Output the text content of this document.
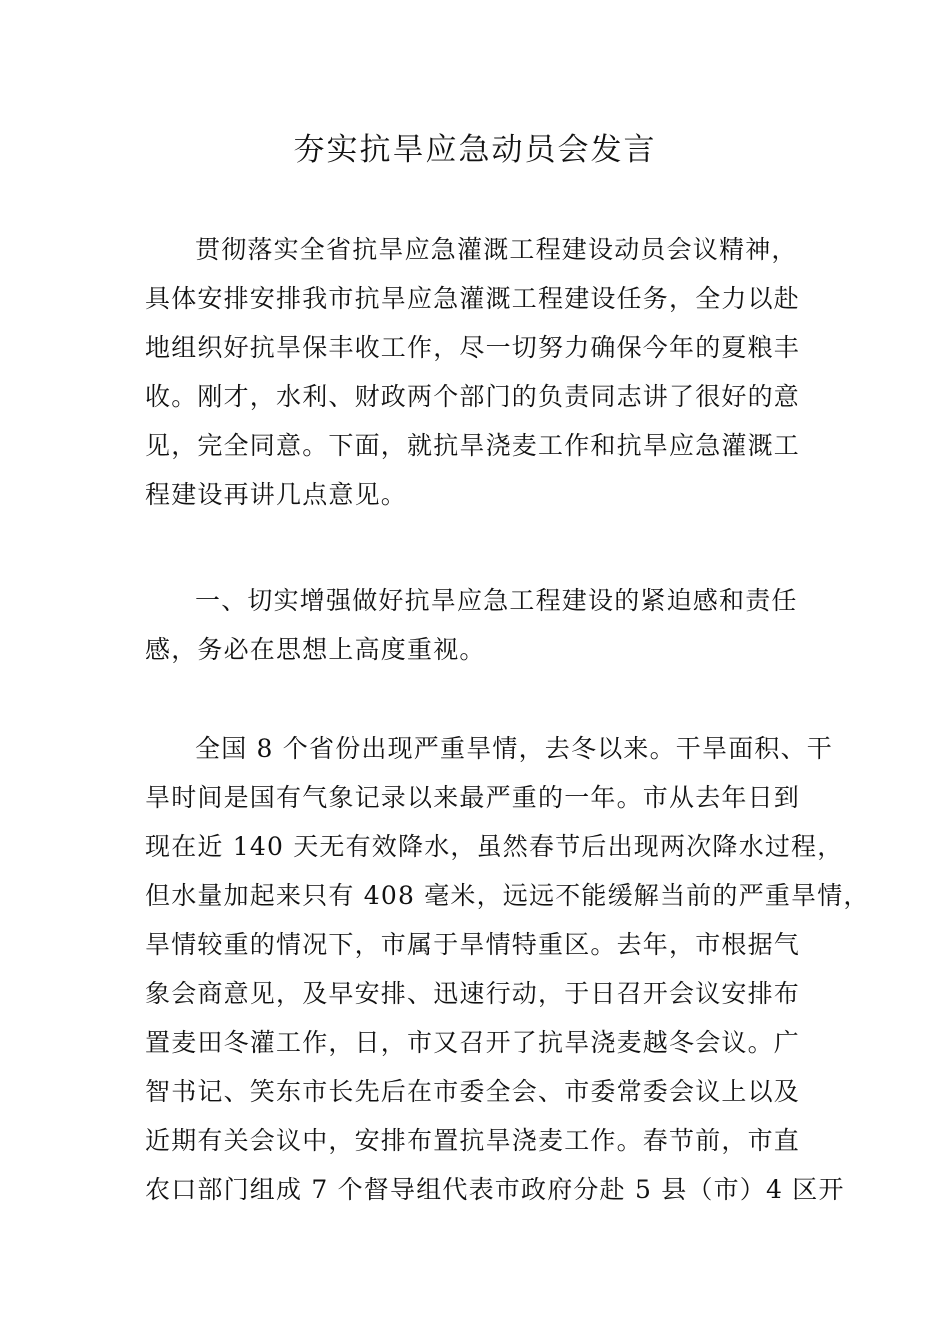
夯实抗旱应急动员会发言
贯彻落实全省抗旱应急灌溉工程建设动员会议精神，
具体安排安排我市抗旱应急灌溉工程建设任务，全力以赴
地组织好抗旱保丰收工作，尽一切努力确保今年的夏粮丰
收。刚才，水利、财政两个部门的负责同志讲了很好的意
见，完全同意。下面，就抗旱浇麦工作和抗旱应急灌溉工
程建设再讲几点意见。
一、切实增强做好抗旱应急工程建设的紧迫感和责任
感，务必在思想上高度重视。
全国 8 个省份出现严重旱情，去冬以来。干旱面积、干
旱时间是国有气象记录以来最严重的一年。市从去年日到
现在近 140 天无有效降水，虽然春节后出现两次降水过程，
但水量加起来只有 408 毫米，远远不能缓解当前的严重旱情，
旱情较重的情况下，市属于旱情特重区。去年，市根据气
象会商意见，及早安排、迅速行动，于日召开会议安排布
置麦田冬灌工作，日，市又召开了抗旱浇麦越冬会议。广
智书记、笑东市长先后在市委全会、市委常委会议上以及
近期有关会议中，安排布置抗旱浇麦工作。春节前，市直
农口部门组成 7 个督导组代表市政府分赴 5 县（市）4 区开
